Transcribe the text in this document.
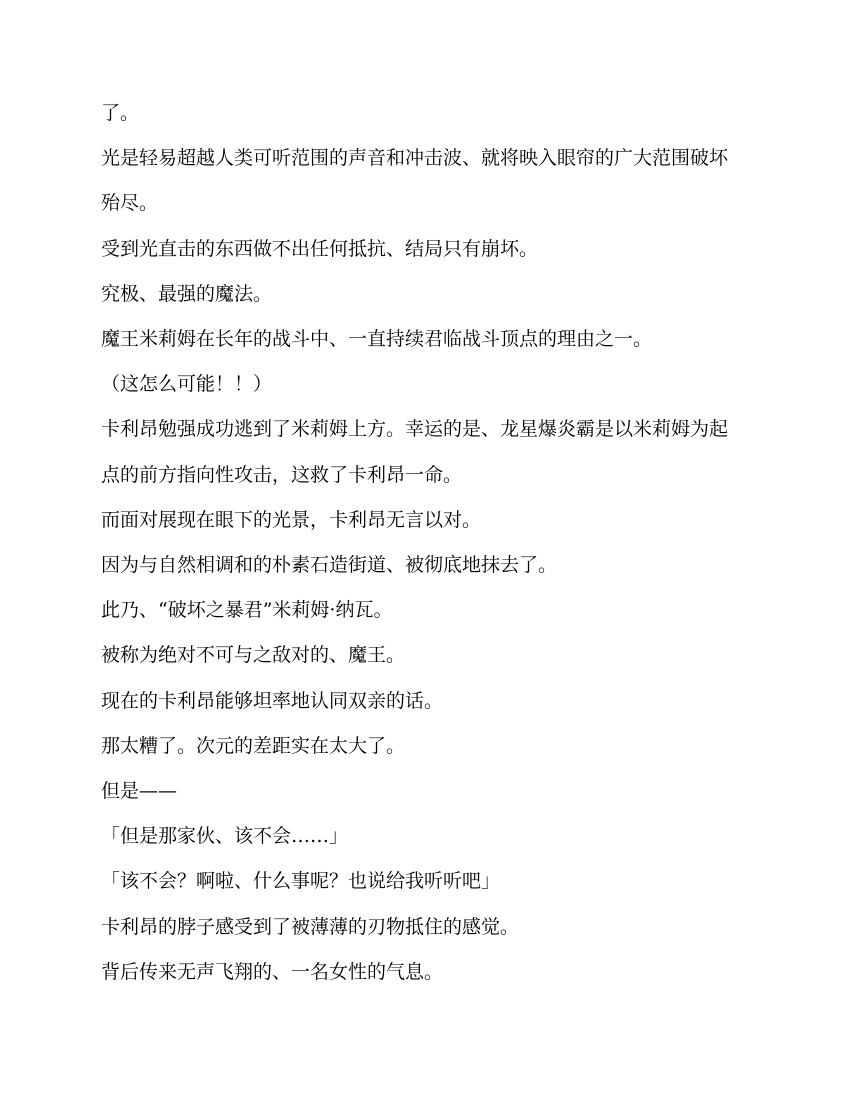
了。

光是轻易超越人类可听范围的声音和冲击波、就将映入眼帘的广大范围破坏殆尽。

受到光直击的东西做不出任何抵抗、结局只有崩坏。

究极、最强的魔法。

魔王米莉姆在长年的战斗中、一直持续君临战斗顶点的理由之一。

（这怎么可能！！）

卡利昂勉强成功逃到了米莉姆上方。幸运的是、龙星爆炎霸是以米莉姆为起点的前方指向性攻击，这救了卡利昂一命。

而面对展现在眼下的光景，卡利昂无言以对。

因为与自然相调和的朴素石造街道、被彻底地抹去了。

此乃、“破坏之暴君”米莉姆·纳瓦。

被称为绝对不可与之敌对的、魔王。

现在的卡利昂能够坦率地认同双亲的话。

那太糟了。次元的差距实在太大了。

但是——

「但是那家伙、该不会……」

「该不会？啊啦、什么事呢？也说给我听听吧」

卡利昂的脖子感受到了被薄薄的刃物抵住的感觉。

背后传来无声飞翔的、一名女性的气息。
